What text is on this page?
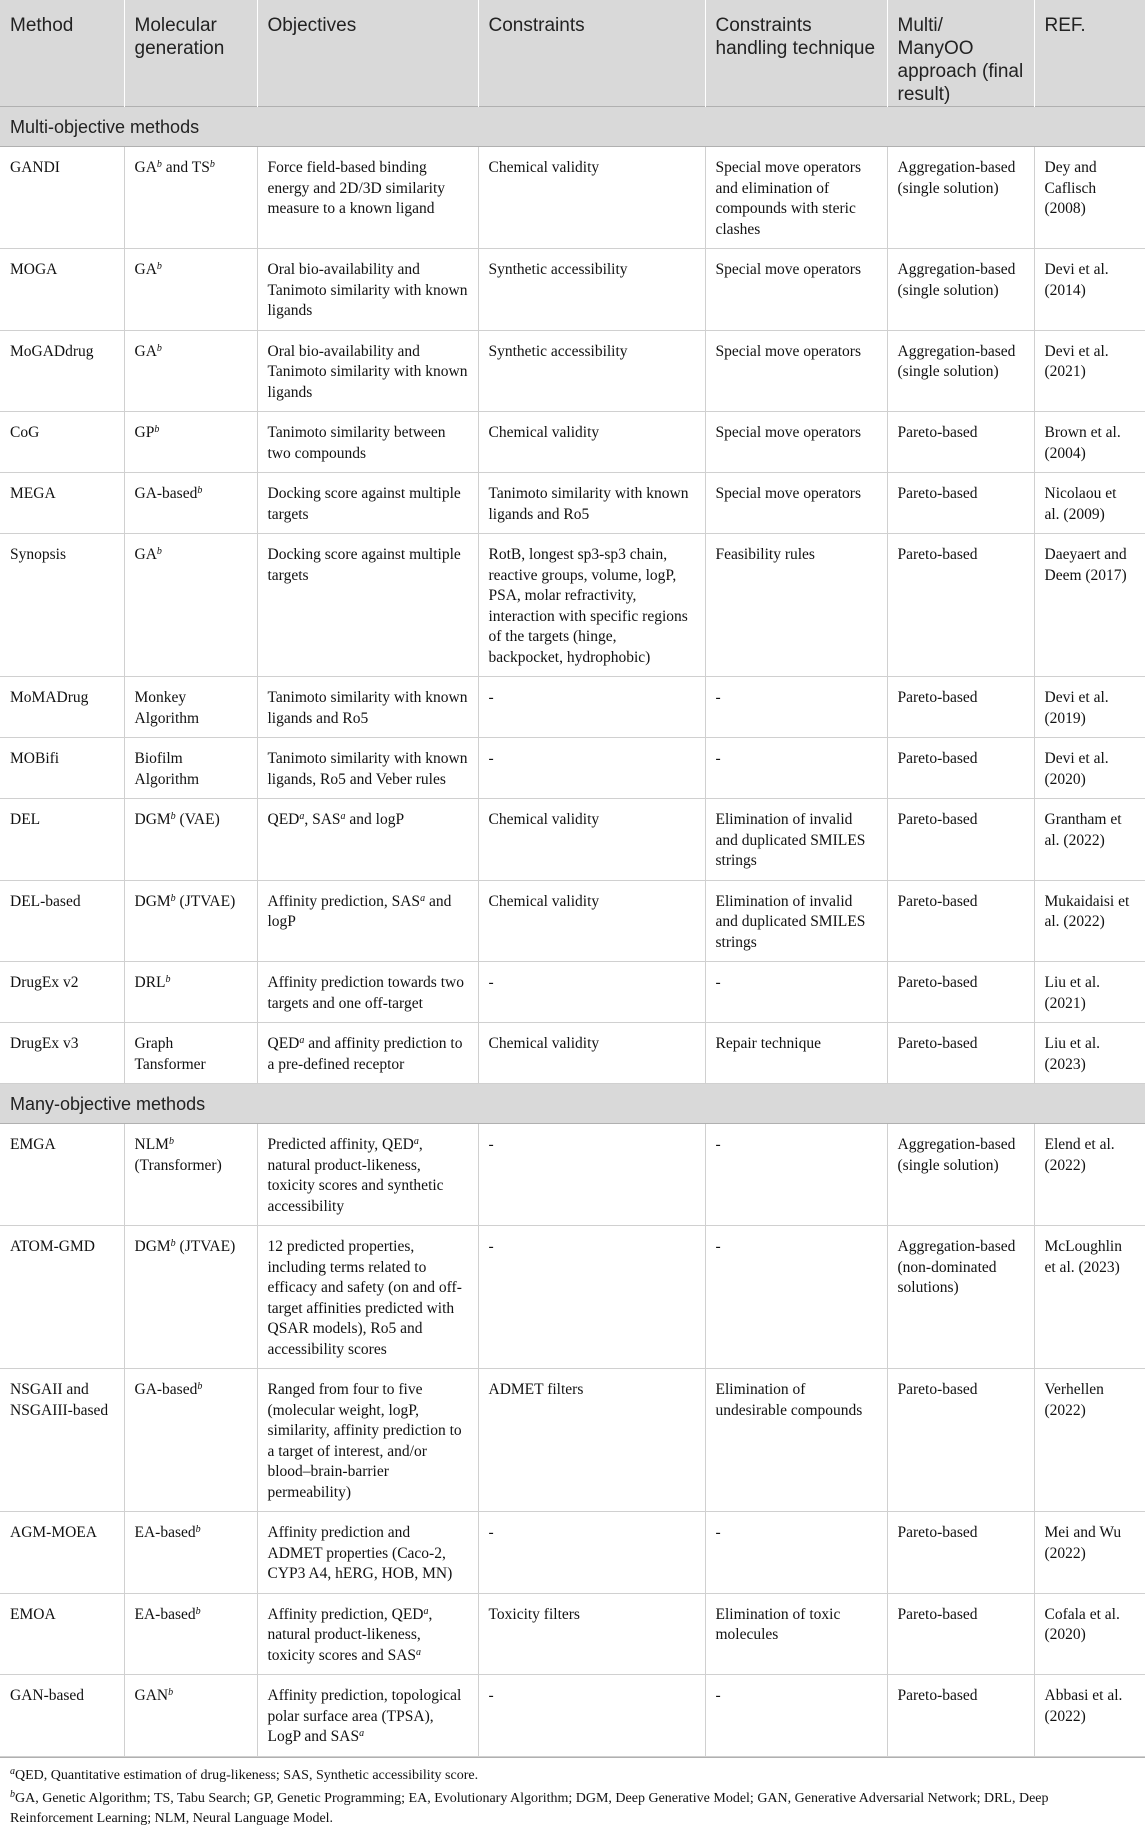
Method	Molecular generation	Objectives	Constraints	Constraints handling technique	Multi/ ManyOO approach (final result)	REF.
Multi-objective methods						
GANDI	$GA^b$ and $TS^b$	Force field-based binding energy and 2D/3D similarity measure to a known ligand	Chemical validity	Special move operators and elimination of compounds with steric clashes	Aggregation-based (single solution)	Dey and Caflisch (2008)
MOGA	$GA^b$	Oral bio-availability and Tanimoto similarity with known ligands	Synthetic accessibility	Special move operators	Aggregation-based (single solution)	Devi et al. (2014)
MoGADdrug	$GA^b$	Oral bio-availability and Tanimoto similarity with known ligands	Synthetic accessibility	Special move operators	Aggregation-based (single solution)	Devi et al. (2021)
CoG	$GP^b$	Tanimoto similarity between two compounds	Chemical validity	Special move operators	Pareto-based	Brown et al. (2004)
MEGA	GA-based$^b$	Docking score against multiple targets	Tanimoto similarity with known ligands and Ro5	Special move operators	Pareto-based	Nicolaou et al. (2009)
Synopsis	$GA^b$	Docking score against multiple targets	RotB, longest sp3-sp3 chain, reactive groups, volume, logP, PSA, molar refractivity, interaction with specific regions of the targets (hinge, backpocket, hydrophobic)	Feasibility rules	Pareto-based	Daeyaert and Deem (2017)
MoMADrug	Monkey Algorithm	Tanimoto similarity with known ligands and Ro5	-	-	Pareto-based	Devi et al. (2019)
MOBifi	Biofilm Algorithm	Tanimoto similarity with known ligands, Ro5 and Veber rules	-	-	Pareto-based	Devi et al. (2020)
DEL	DGM$^b$ (VAE)	QED$^a$, SAS$^a$ and logP	Chemical validity	Elimination of invalid and duplicated SMILES strings	Pareto-based	Grantham et al. (2022)
DEL-based	DGM$^b$ (JTVAE)	Affinity prediction, SAS$^a$ and logP	Chemical validity	Elimination of invalid and duplicated SMILES strings	Pareto-based	Mukaidaisi et al. (2022)
DrugEx v2	DRL$^b$	Affinity prediction towards two targets and one off-target	-	-	Pareto-based	Liu et al. (2021)
DrugEx v3	Graph Tansformer	QED$^a$ and affinity prediction to a pre-defined receptor	Chemical validity	Repair technique	Pareto-based	Liu et al. (2023)
Many-objective methods						
EMGA	NLM$^b$ (Transformer)	Predicted affinity, QED$^a$, natural product-likeness, toxicity scores and synthetic accessibility	-	-	Aggregation-based (single solution)	Elend et al. (2022)
ATOM-GMD	DGM$^b$ (JTVAE)	12 predicted properties, including terms related to efficacy and safety (on and off-target affinities predicted with QSAR models), Ro5 and accessibility scores	-	-	Aggregation-based (non-dominated solutions)	McLoughlin et al. (2023)
NSGAII and NSGAIII-based	GA-based$^b$	Ranged from four to five (molecular weight, logP, similarity, affinity prediction to a target of interest, and/or blood–brain-barrier permeability)	ADMET filters	Elimination of undesirable compounds	Pareto-based	Verhellen (2022)
AGM-MOEA	EA-based$^b$	Affinity prediction and ADMET properties (Caco-2, CYP3 A4, hERG, HOB, MN)	-	-	Pareto-based	Mei and Wu (2022)
EMOA	EA-based$^b$	Affinity prediction, QED$^a$, natural product-likeness, toxicity scores and SAS$^a$	Toxicity filters	Elimination of toxic molecules	Pareto-based	Cofala et al. (2020)
GAN-based	GAN$^b$	Affinity prediction, topological polar surface area (TPSA), LogP and SAS$^a$	-	-	Pareto-based	Abbasi et al. (2022)

$^a$QED, Quantitative estimation of drug-likeness; SAS, Synthetic accessibility score.

$^b$GA, Genetic Algorithm; TS, Tabu Search; GP, Genetic Programming; EA, Evolutionary Algorithm; DGM, Deep Generative Model; GAN, Generative Adversarial Network; DRL, Deep Reinforcement Learning; NLM, Neural Language Model.
